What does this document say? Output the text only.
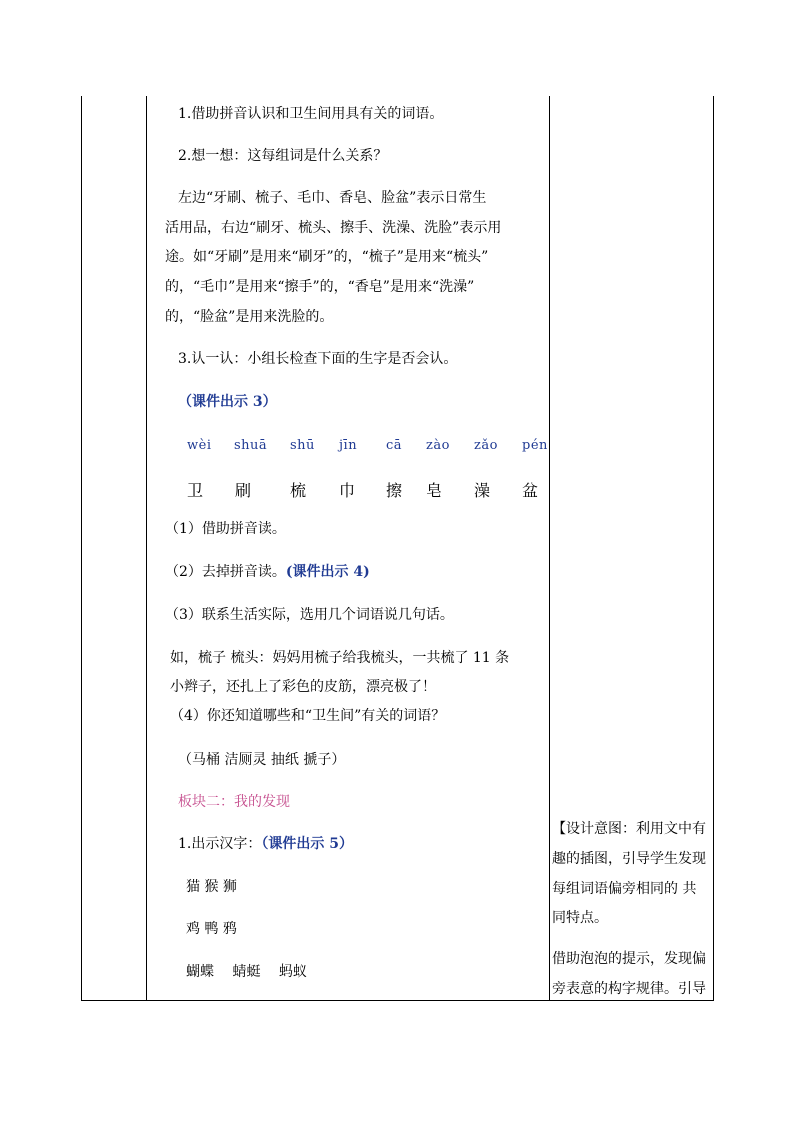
1.借助拼音认识和卫生间用具有关的词语。
2.想一想：这每组词是什么关系？
左边“牙刷、梳子、毛巾、香皂、脸盆”表示日常生
活用品，右边“刷牙、梳头、擦手、洗澡、洗脸”表示用
途。如“牙刷”是用来“刷牙”的，“梳子”是用来“梳头”
的，“毛巾”是用来“擦手”的，“香皂”是用来“洗澡”
的，“脸盆”是用来洗脸的。
3.认一认：小组长检查下面的生字是否会认。
（课件出示 3）
wèi shuā shū jīn cā zào zǎo pén
卫 刷 梳 巾 擦 皂 澡 盆
（1）借助拼音读。
（2）去掉拼音读。(课件出示 4)
（3）联系生活实际，选用几个词语说几句话。
如，梳子 梳头：妈妈用梳子给我梳头，一共梳了 11 条
小辫子，还扎上了彩色的皮筋，漂亮极了！
（4）你还知道哪些和“卫生间”有关的词语？
（马桶 洁厕灵 抽纸 搋子）
板块二：我的发现
1.出示汉字：（课件出示 5）
猫 猴 狮
鸡 鸭 鸦
蝴蝶　 蜻蜓　 蚂蚁
【设计意图：利用文中有
趣的插图，引导学生发现
每组词语偏旁相同的 共
同特点。
借助泡泡的提示，发现偏
旁表意的构字规律。引导
